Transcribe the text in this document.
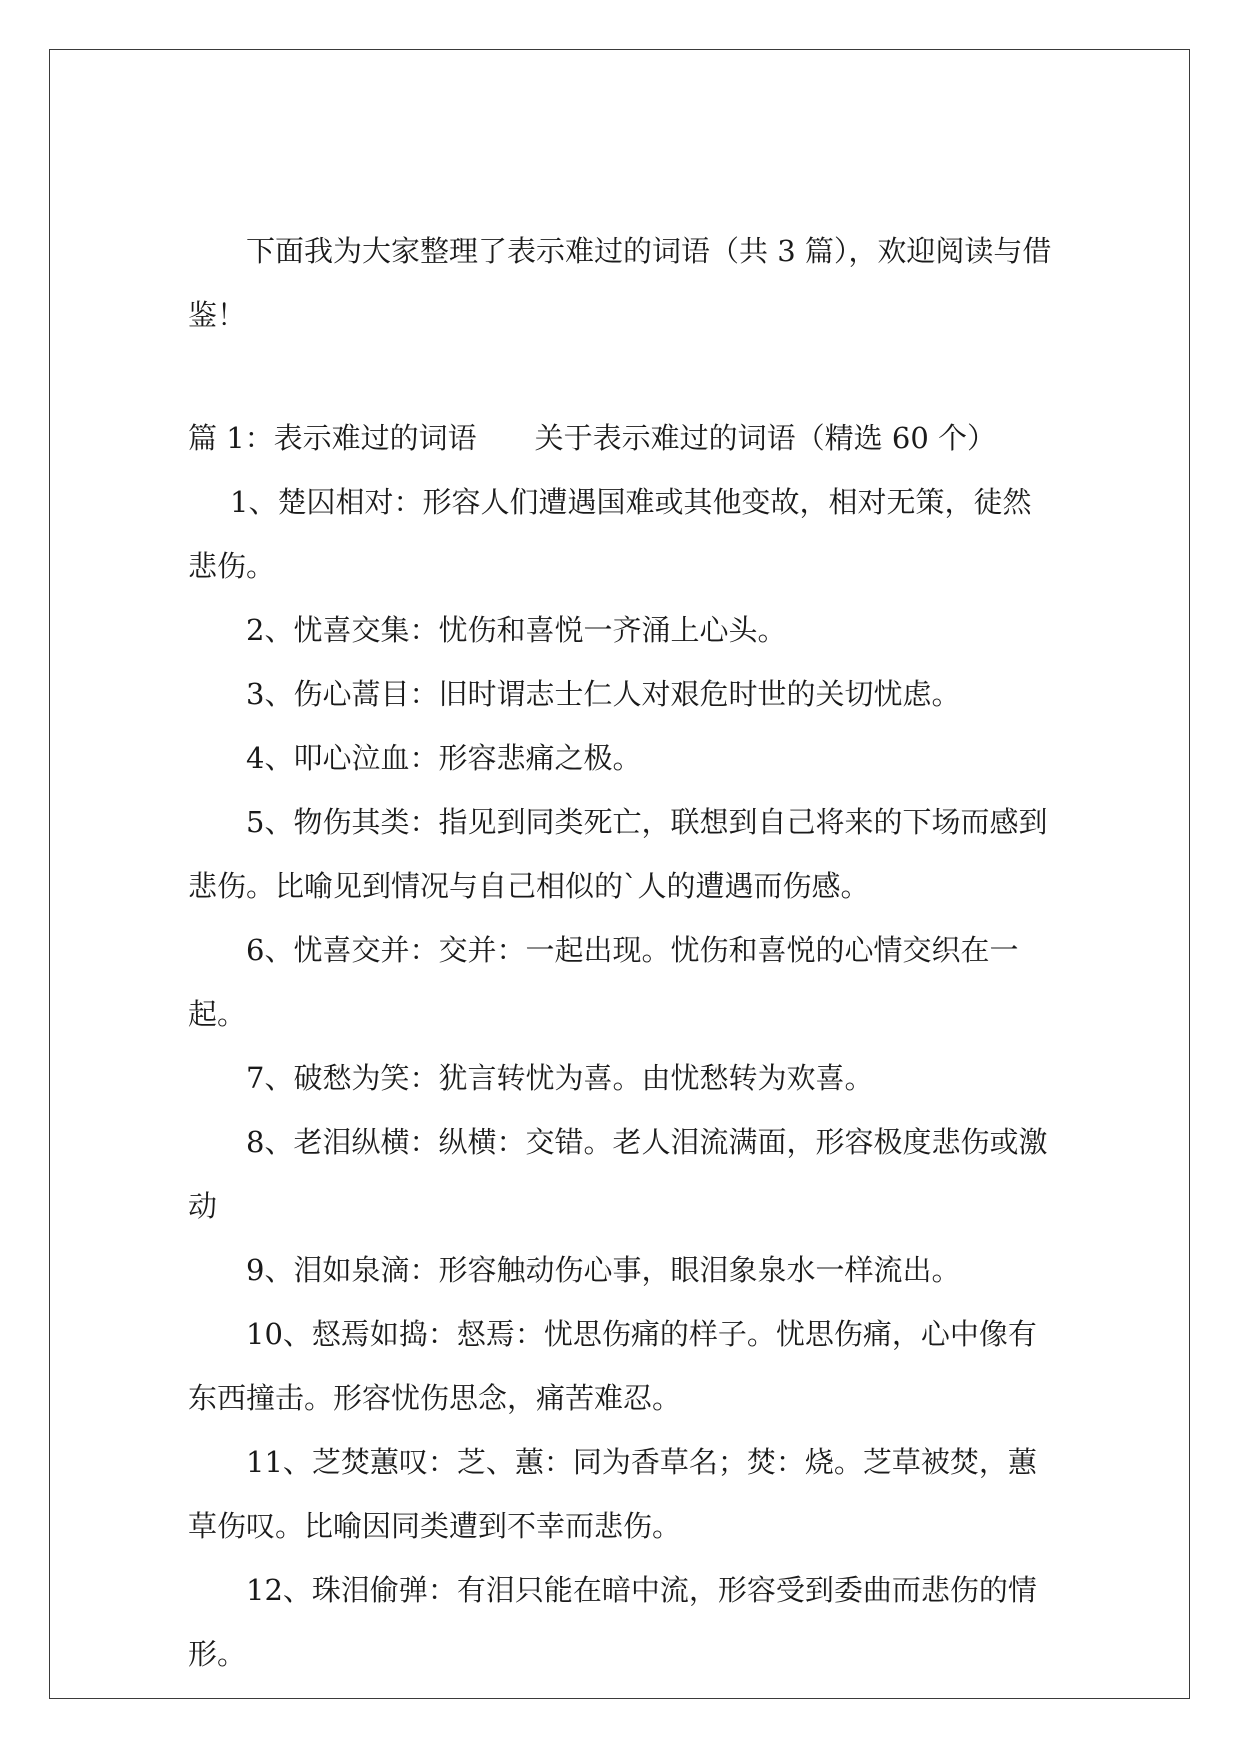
下面我为大家整理了表示难过的词语（共 3 篇），欢迎阅读与借鉴！

篇 1：表示难过的词语 关于表示难过的词语（精选 60 个）

1、楚囚相对：形容人们遭遇国难或其他变故，相对无策，徒然悲伤。

2、忧喜交集：忧伤和喜悦一齐涌上心头。

3、伤心蒿目：旧时谓志士仁人对艰危时世的关切忧虑。

4、叩心泣血：形容悲痛之极。

5、物伤其类：指见到同类死亡，联想到自己将来的下场而感到悲伤。比喻见到情况与自己相似的`人的遭遇而伤感。

6、忧喜交并：交并：一起出现。忧伤和喜悦的心情交织在一起。

7、破愁为笑：犹言转忧为喜。由忧愁转为欢喜。

8、老泪纵横：纵横：交错。老人泪流满面，形容极度悲伤或激动

9、泪如泉滴：形容触动伤心事，眼泪象泉水一样流出。

10、惄焉如捣：惄焉：忧思伤痛的样子。忧思伤痛，心中像有东西撞击。形容忧伤思念，痛苦难忍。

11、芝焚蕙叹：芝、蕙：同为香草名；焚：烧。芝草被焚，蕙草伤叹。比喻因同类遭到不幸而悲伤。

12、珠泪偷弹：有泪只能在暗中流，形容受到委曲而悲伤的情形。
